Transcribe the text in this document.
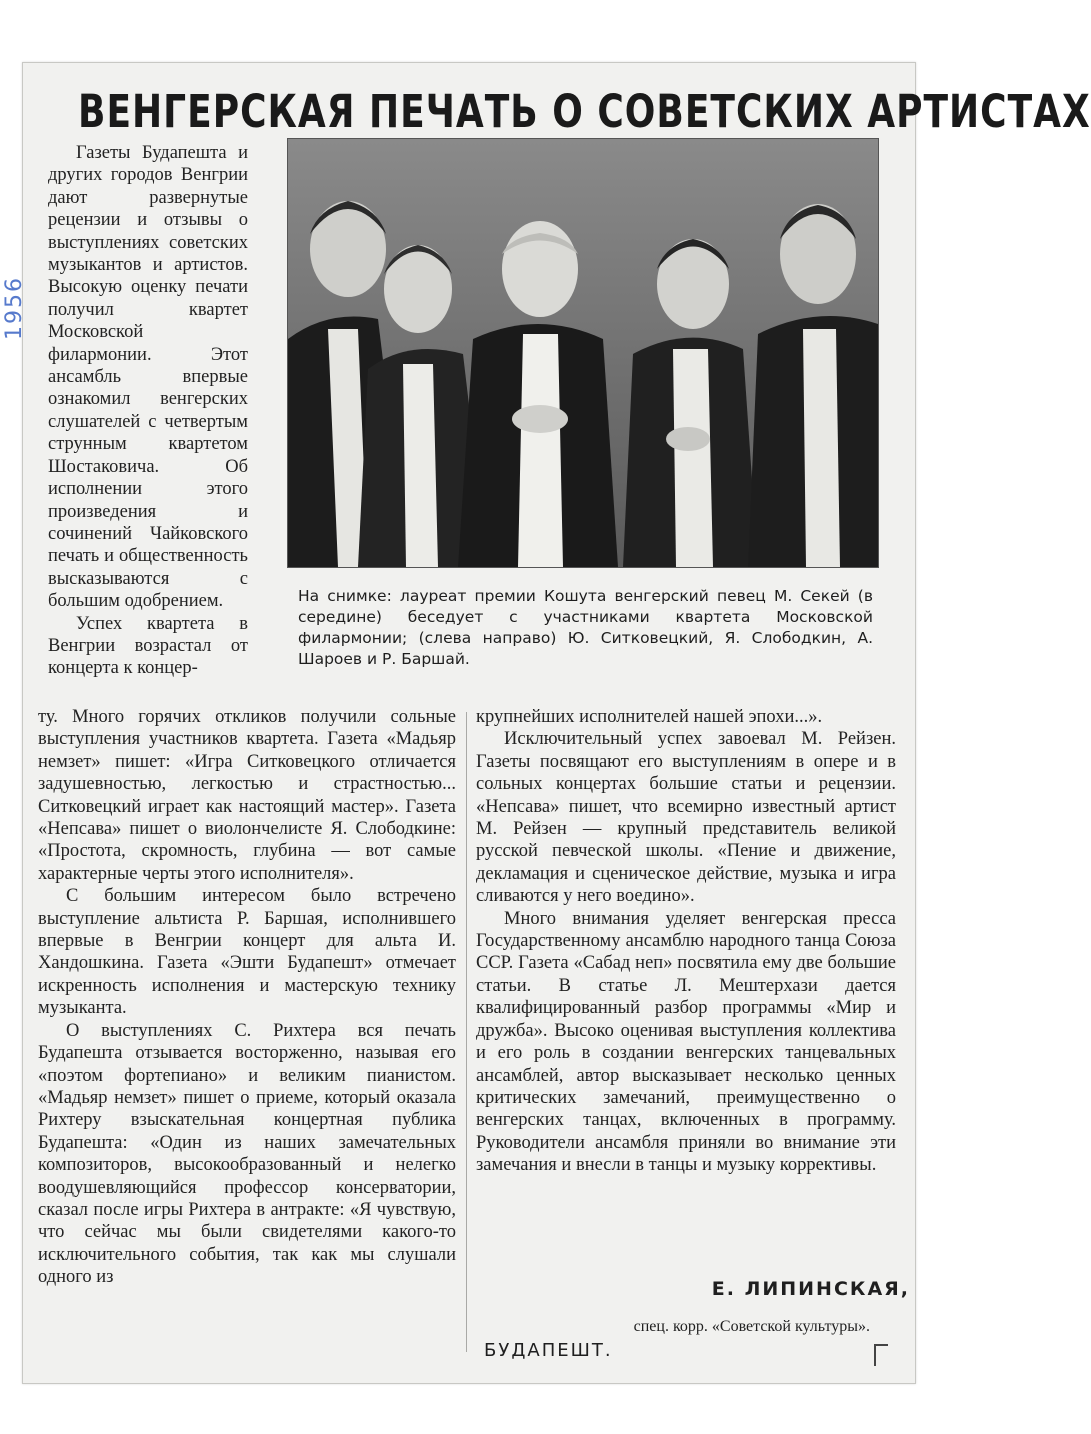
1956
ВЕНГЕРСКАЯ ПЕЧАТЬ О СОВЕТСКИХ АРТИСТАХ

Газеты Будапешта и других городов Венгрии дают развернутые рецензии и отзывы о выступлениях советских музыкантов и артистов. Высокую оценку печати получил квартет Московской филармонии. Этот ансамбль впервые ознакомил венгерских слушателей с четвертым струнным квартетом Шостаковича. Об исполнении этого произведения и сочинений Чайковского печать и общественность высказываются с большим одобрением.

Успех квартета в Венгрии возрастал от концерта к концер-

На снимке: лауреат премии Кошута венгерский певец М. Секей (в середине) беседует с участниками квартета Московской филармонии; (слева направо) Ю. Ситковецкий, Я. Слободкин, А. Шароев и Р. Баршай.

ту. Много горячих откликов получили сольные выступления участников квартета. Газета «Мадьяр немзет» пишет: «Игра Ситковецкого отличается задушевностью, легкостью и страстностью... Ситковецкий играет как настоящий мастер». Газета «Непсава» пишет о виолончелисте Я. Слободкине: «Простота, скромность, глубина — вот самые характерные черты этого исполнителя».

С большим интересом было встречено выступление альтиста Р. Баршая, исполнившего впервые в Венгрии концерт для альта И. Хандошкина. Газета «Эшти Будапешт» отмечает искренность исполнения и мастерскую технику музыканта.

О выступлениях С. Рихтера вся печать Будапешта отзывается восторженно, называя его «поэтом фортепиано» и великим пианистом. «Мадьяр немзет» пишет о приеме, который оказала Рихтеру взыскательная концертная публика Будапешта: «Один из наших замечательных композиторов, высокообразованный и нелегко воодушевляющийся профессор консерватории, сказал после игры Рихтера в антракте: «Я чувствую, что сейчас мы были свидетелями какого-то исключительного события, так как мы слушали одного из

крупнейших исполнителей нашей эпохи...».

Исключительный успех завоевал М. Рейзен. Газеты посвящают его выступлениям в опере и в сольных концертах большие статьи и рецензии. «Непсава» пишет, что всемирно известный артист М. Рейзен — крупный представитель великой русской певческой школы. «Пение и движение, декламация и сценическое действие, музыка и игра сливаются у него воедино».

Много внимания уделяет венгерская пресса Государственному ансамблю народного танца Союза ССР. Газета «Сабад неп» посвятила ему две большие статьи. В статье Л. Мештерхази дается квалифицированный разбор программы «Мир и дружба». Высоко оценивая выступления коллектива и его роль в создании венгерских танцевальных ансамблей, автор высказывает несколько ценных критических замечаний, преимущественно о венгерских танцах, включенных в программу. Руководители ансамбля приняли во внимание эти замечания и внесли в танцы и музыку коррективы.

Е. ЛИПИНСКАЯ,
спец. корр. «Советской культуры».
БУДАПЕШТ.
